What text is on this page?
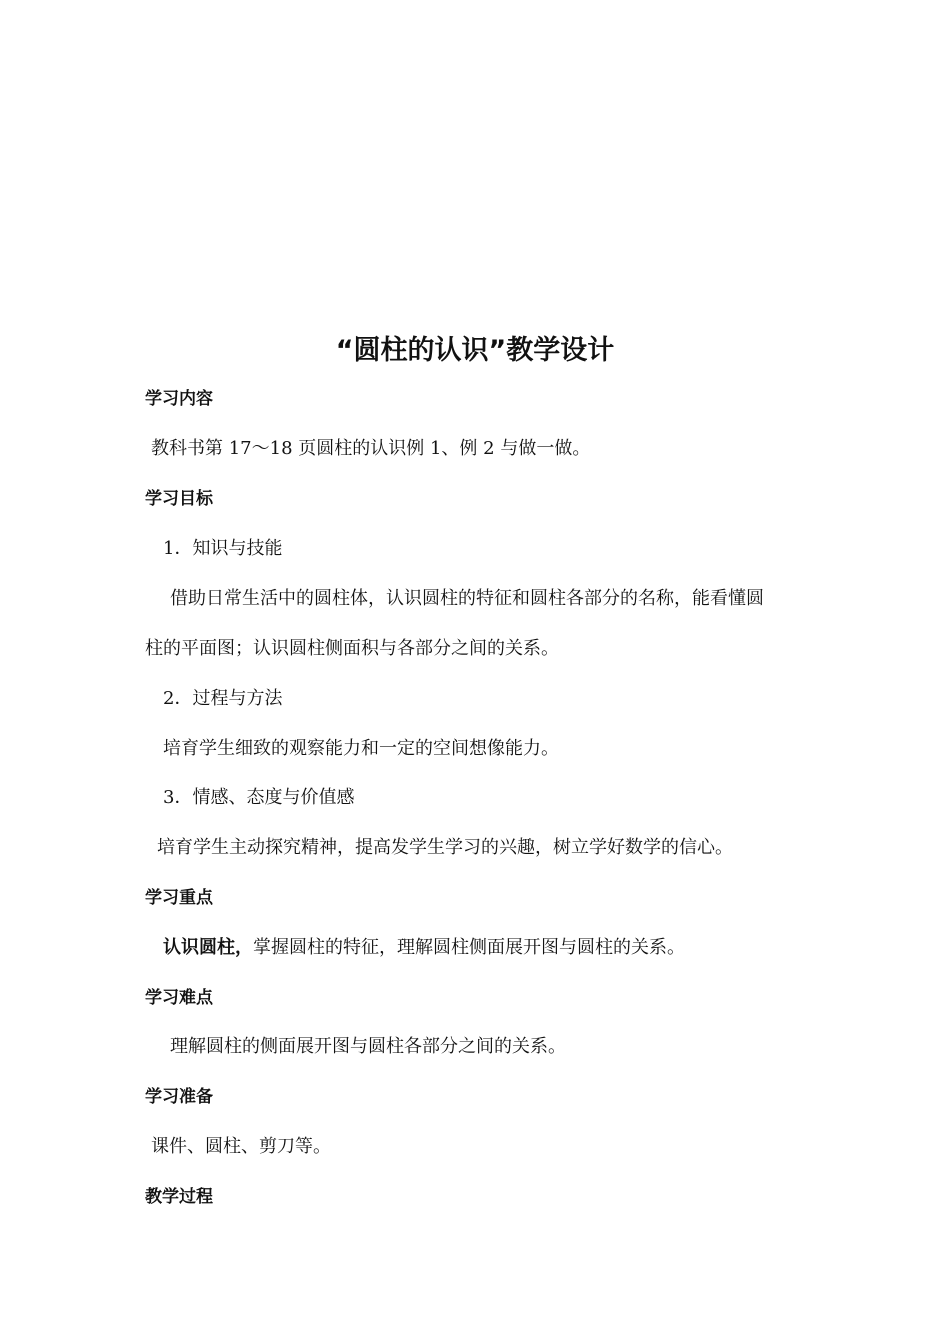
“圆柱的认识”教学设计
学习内容
教科书第 17～18 页圆柱的认识例 1、例 2 与做一做。
学习目标
1．知识与技能
借助日常生活中的圆柱体，认识圆柱的特征和圆柱各部分的名称，能看懂圆
柱的平面图；认识圆柱侧面积与各部分之间的关系。
2．过程与方法
培育学生细致的观察能力和一定的空间想像能力。
3．情感、态度与价值感
培育学生主动探究精神，提高发学生学习的兴趣，树立学好数学的信心。
学习重点
认识圆柱，掌握圆柱的特征，理解圆柱侧面展开图与圆柱的关系。
学习难点
理解圆柱的侧面展开图与圆柱各部分之间的关系。
学习准备
课件、圆柱、剪刀等。
教学过程
